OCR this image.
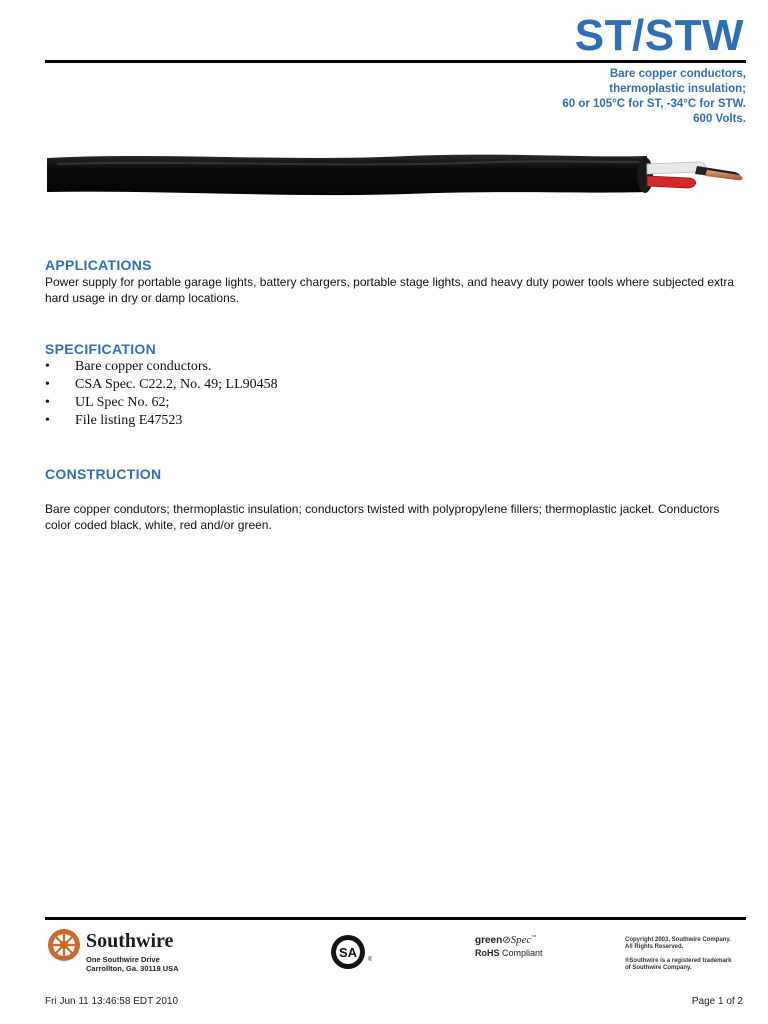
ST/STW
Bare copper conductors,
thermoplastic insulation;
60 or 105°C for ST, -34°C for STW.
600 Volts.
APPLICATIONS
Power supply for portable garage lights, battery chargers, portable stage lights, and heavy duty power tools where subjected extra hard usage in dry or damp locations.
SPECIFICATION
• Bare copper conductors.
• CSA Spec. C22.2, No. 49; LL90458
• UL Spec No. 62;
• File listing E47523
CONSTRUCTION
Bare copper condutors; thermoplastic insulation; conductors twisted with polypropylene fillers; thermoplastic jacket. Conductors color coded black, white, red and/or green.
Southwire
One Southwire Drive
Carrollton, Ga. 30119 USA
SA ®
green⊘Spec™
RoHS Compliant
Copyright 2003, Southwire Company.
All Rights Reserved.
®Southwire is a registered trademark
of Southwire Company.
Fri Jun 11 13:46:58 EDT 2010	Page 1 of 2
